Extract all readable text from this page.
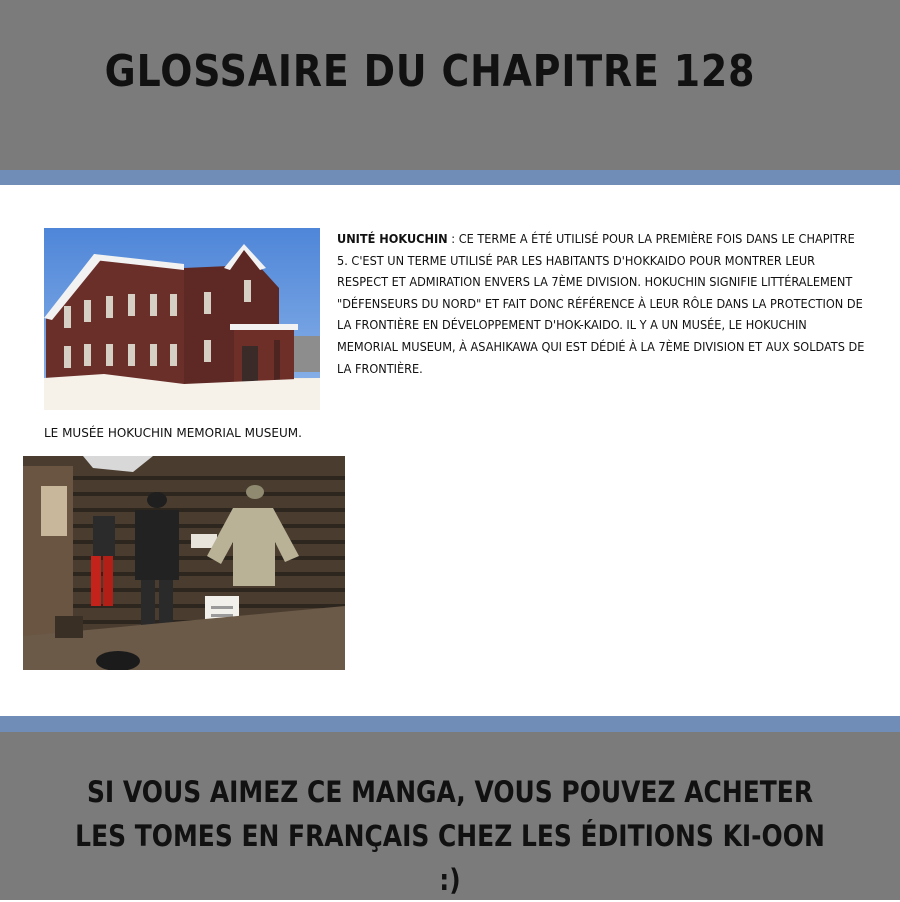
GLOSSAIRE DU CHAPITRE 128
UNITÉ HOKUCHIN : CE TERME A ÉTÉ UTILISÉ POUR LA PREMIÈRE FOIS DANS LE CHAPITRE 5. C'EST UN TERME UTILISÉ PAR LES HABITANTS D'HOKKAIDO POUR MONTRER LEUR RESPECT ET ADMIRATION ENVERS LA 7ÈME DIVISION. HOKUCHIN SIGNIFIE LITTÉRALEMENT "DÉFENSEURS DU NORD" ET FAIT DONC RÉFÉRENCE À LEUR RÔLE DANS LA PROTECTION DE LA FRONTIÈRE EN DÉVELOPPEMENT D'HOK-KAIDO. IL Y A UN MUSÉE, LE HOKUCHIN MEMORIAL MUSEUM, À ASAHIKAWA QUI EST DÉDIÉ À LA 7ÈME DIVISION ET AUX SOLDATS DE LA FRONTIÈRE.
LE MUSÉE HOKUCHIN MEMORIAL MUSEUM.
SI VOUS AIMEZ CE MANGA, VOUS POUVEZ ACHETER
LES TOMES EN FRANÇAIS CHEZ LES ÉDITIONS KI-OON :)
